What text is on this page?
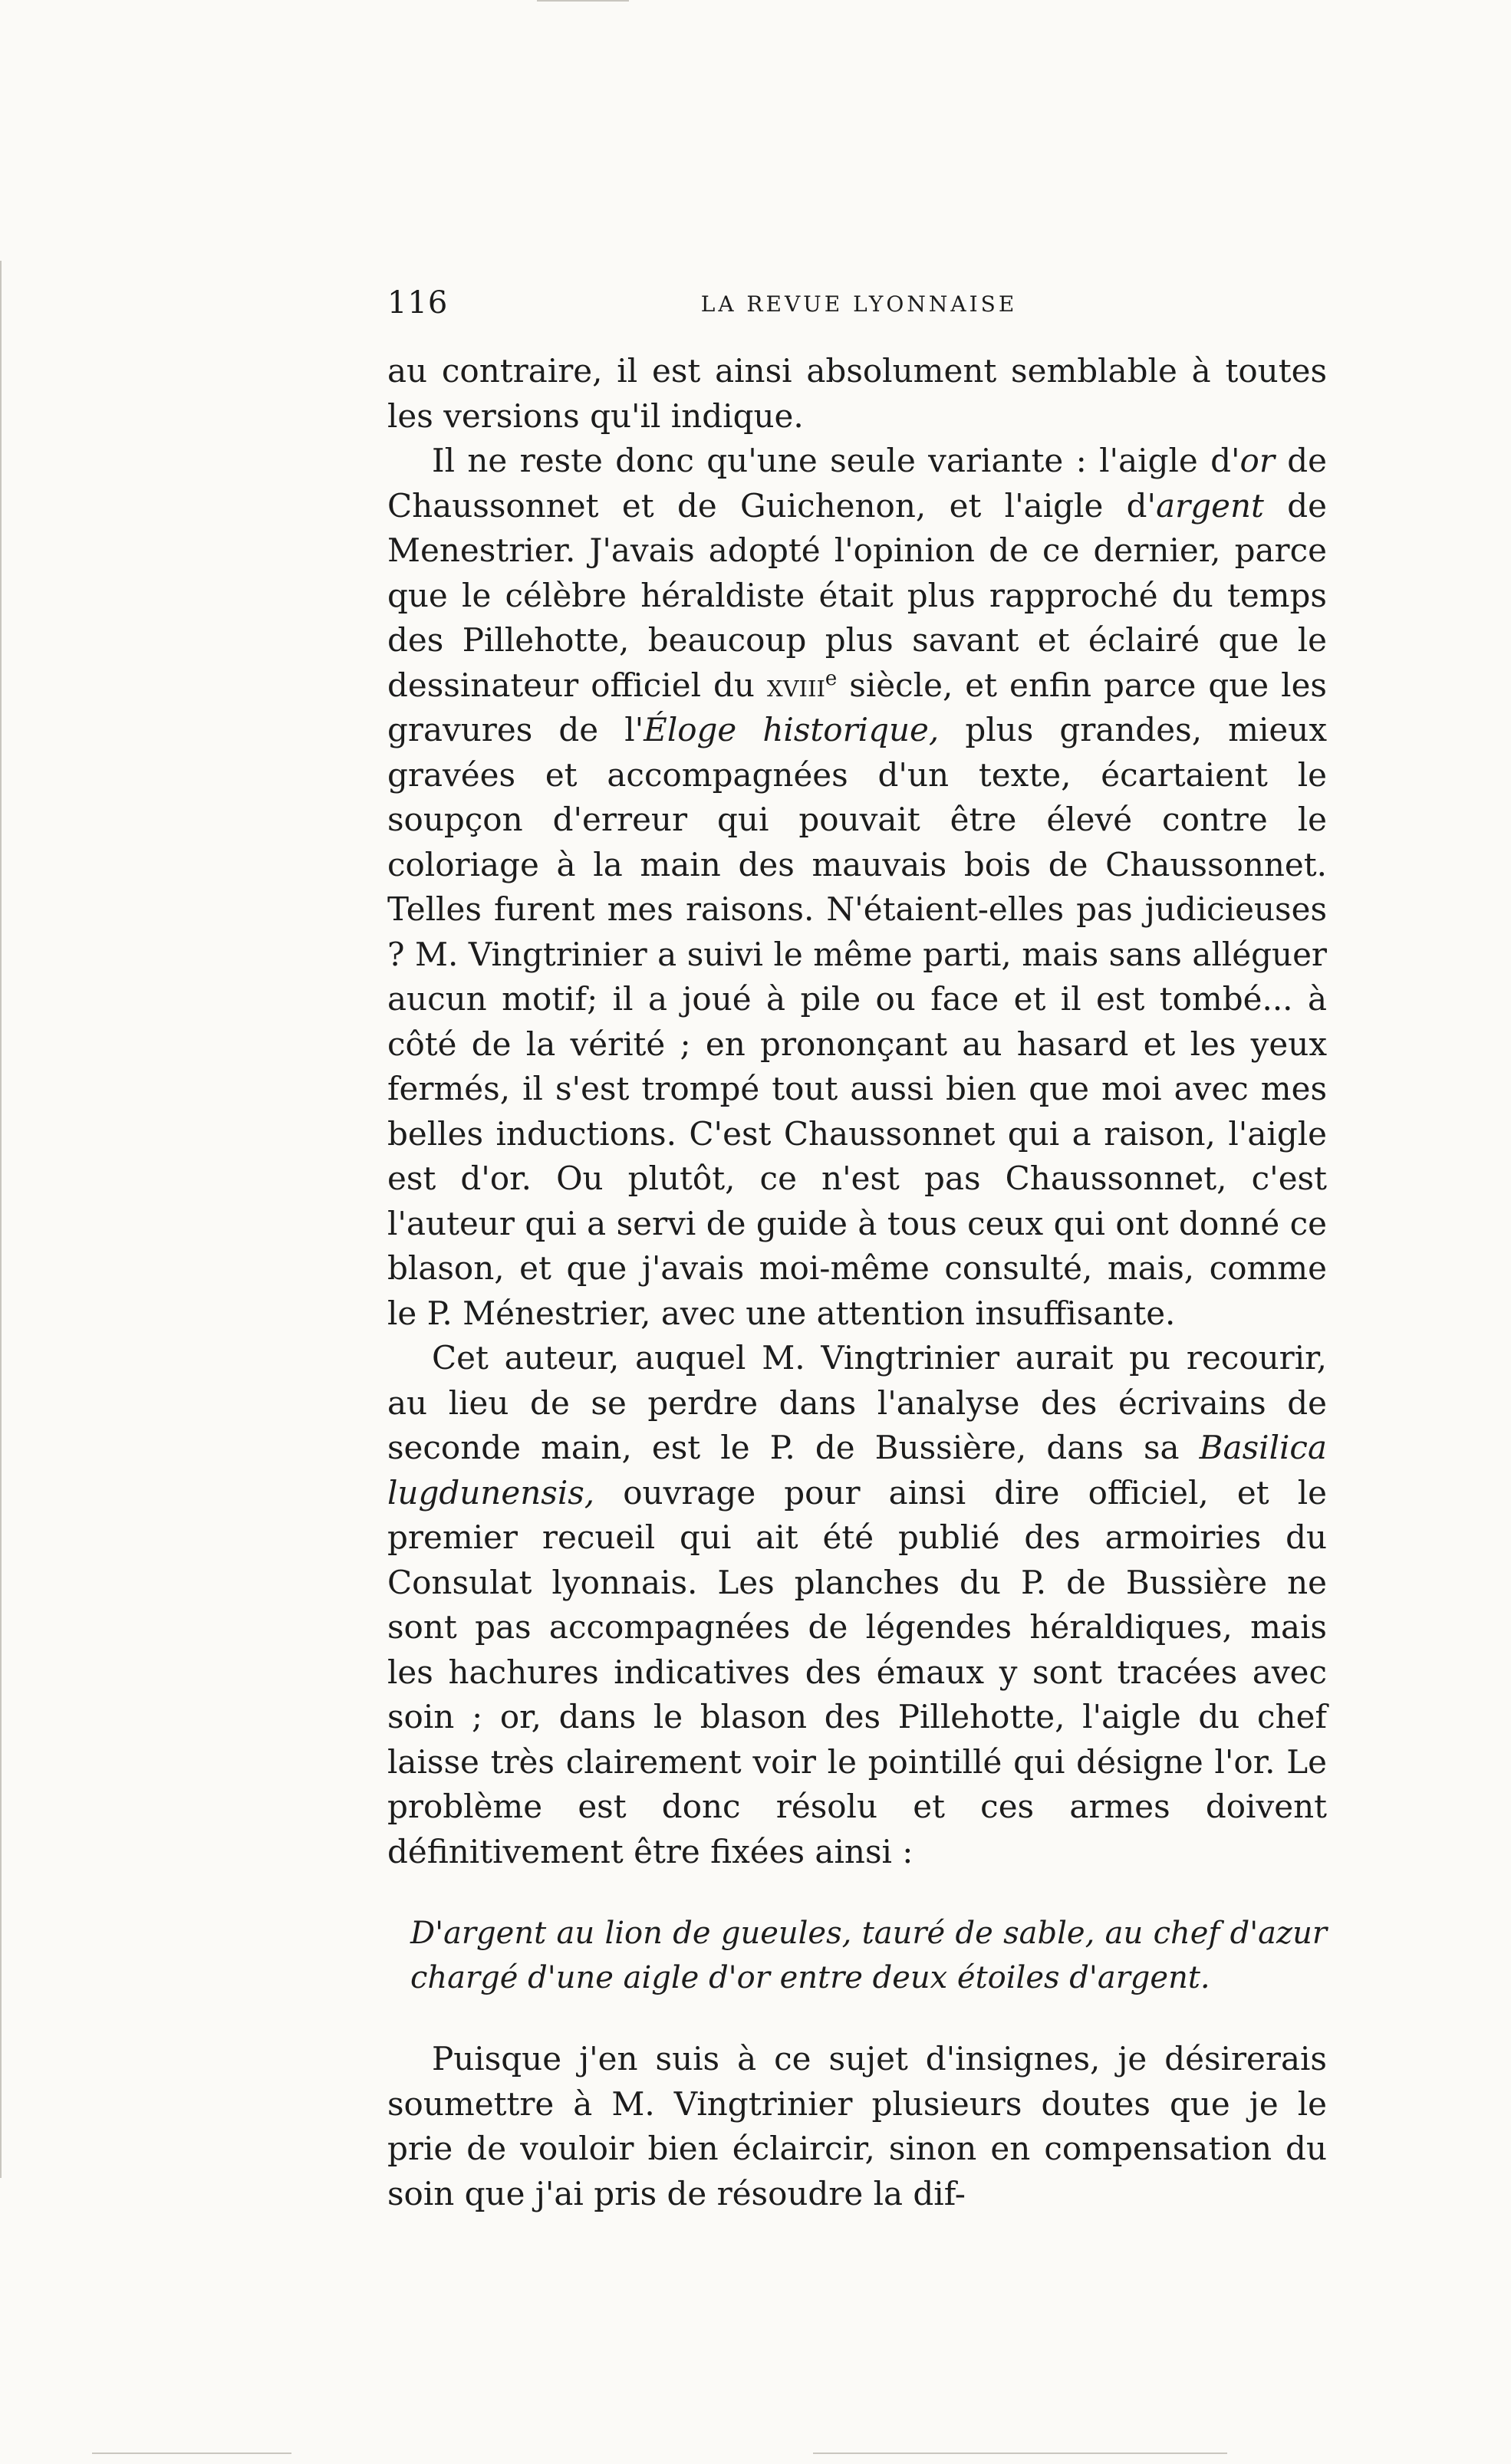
116	LA REVUE LYONNAISE

au contraire, il est ainsi absolument semblable à toutes les versions qu'il indique.

Il ne reste donc qu'une seule variante : l'aigle d'or de Chaussonnet et de Guichenon, et l'aigle d'argent de Menestrier. J'avais adopté l'opinion de ce dernier, parce que le célèbre héraldiste était plus rapproché du temps des Pillehotte, beaucoup plus savant et éclairé que le dessinateur officiel du xviii$^e$ siècle, et enfin parce que les gravures de l'Éloge historique, plus grandes, mieux gravées et accompagnées d'un texte, écartaient le soupçon d'erreur qui pouvait être élevé contre le coloriage à la main des mauvais bois de Chaussonnet. Telles furent mes raisons. N'étaient-elles pas judicieuses ? M. Vingtrinier a suivi le même parti, mais sans alléguer aucun motif; il a joué à pile ou face et il est tombé... à côté de la vérité ; en prononçant au hasard et les yeux fermés, il s'est trompé tout aussi bien que moi avec mes belles inductions. C'est Chaussonnet qui a raison, l'aigle est d'or. Ou plutôt, ce n'est pas Chaussonnet, c'est l'auteur qui a servi de guide à tous ceux qui ont donné ce blason, et que j'avais moi-même consulté, mais, comme le P. Ménestrier, avec une attention insuffisante.

Cet auteur, auquel M. Vingtrinier aurait pu recourir, au lieu de se perdre dans l'analyse des écrivains de seconde main, est le P. de Bussière, dans sa Basilica lugdunensis, ouvrage pour ainsi dire officiel, et le premier recueil qui ait été publié des armoiries du Consulat lyonnais. Les planches du P. de Bussière ne sont pas accompagnées de légendes héraldiques, mais les hachures indicatives des émaux y sont tracées avec soin ; or, dans le blason des Pillehotte, l'aigle du chef laisse très clairement voir le pointillé qui désigne l'or. Le problème est donc résolu et ces armes doivent définitivement être fixées ainsi :

D'argent au lion de gueules, tauré de sable, au chef d'azur chargé d'une aigle d'or entre deux étoiles d'argent.

Puisque j'en suis à ce sujet d'insignes, je désirerais soumettre à M. Vingtrinier plusieurs doutes que je le prie de vouloir bien éclaircir, sinon en compensation du soin que j'ai pris de résoudre la dif-
